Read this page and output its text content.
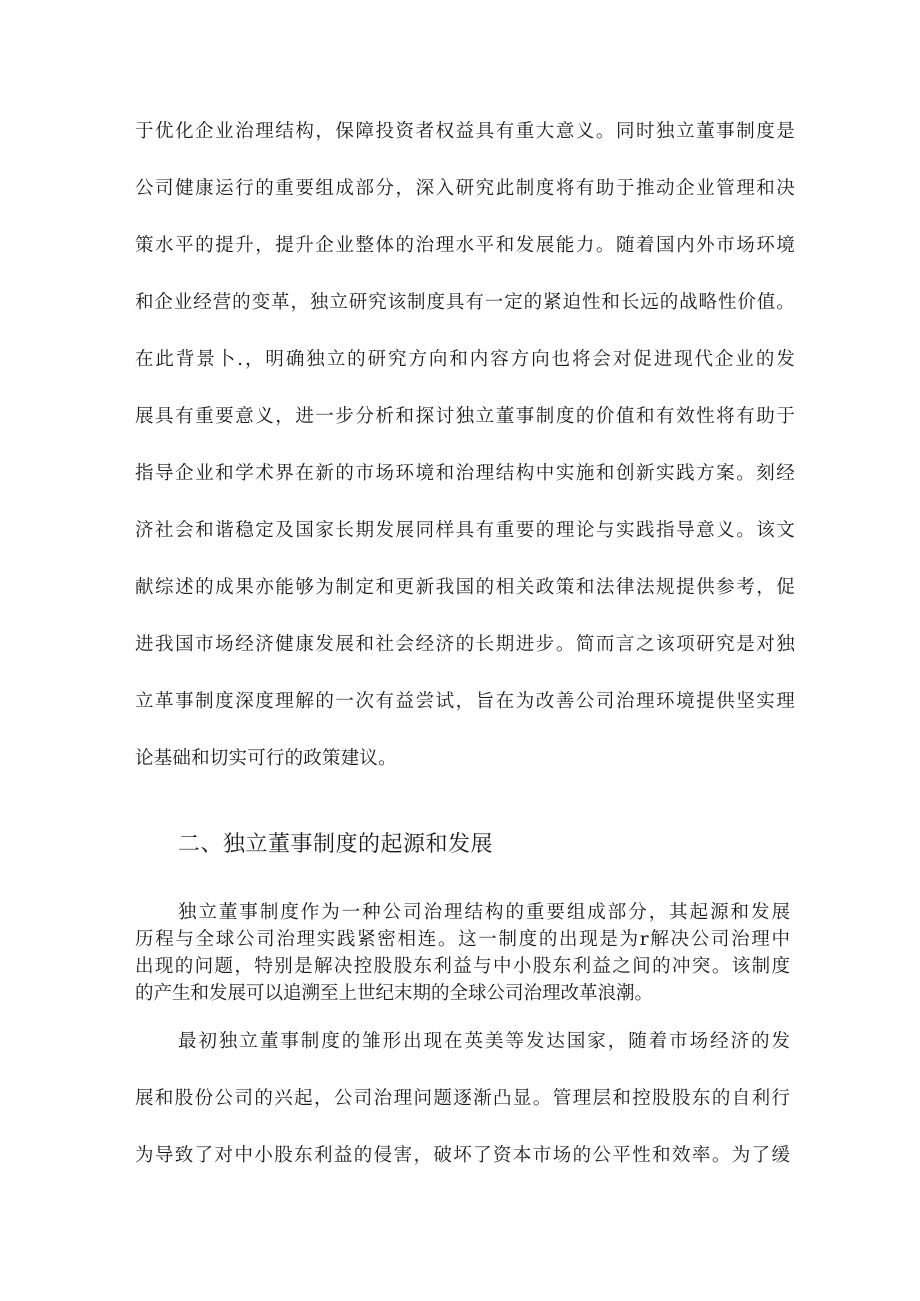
于优化企业治理结构，保障投资者权益具有重大意义。同时独立董事制度是
公司健康运行的重要组成部分，深入研究此制度将有助于推动企业管理和决
策水平的提升，提升企业整体的治理水平和发展能力。随着国内外市场环境
和企业经营的变革，独立研究该制度具有一定的紧迫性和长远的战略性价值。
在此背景卜.，明确独立的研究方向和内容方向也将会对促进现代企业的发
展具有重要意义，进一步分析和探讨独立董事制度的价值和有效性将有助于
指导企业和学术界在新的市场环境和治理结构中实施和创新实践方案。刻经
济社会和谐稳定及国家长期发展同样具有重要的理论与实践指导意义。该文
献综述的成果亦能够为制定和更新我国的相关政策和法律法规提供参考，促
进我国市场经济健康发展和社会经济的长期进步。简而言之该项研究是对独
立革事制度深度理解的一次有益尝试，旨在为改善公司治理环境提供坚实理
论基础和切实可行的政策建议。
二、独立董事制度的起源和发展
独立董事制度作为一种公司治理结构的重要组成部分，其起源和发展
历程与全球公司治理实践紧密相连。这一制度的出现是为r解决公司治理中
出现的问题，特别是解决控股股东利益与中小股东利益之间的冲突。该制度
的产生和发展可以追溯至上世纪末期的全球公司治理改革浪潮。
最初独立董事制度的雏形出现在英美等发达国家，随着市场经济的发
展和股份公司的兴起，公司治理问题逐渐凸显。管理层和控股股东的自利行
为导致了对中小股东利益的侵害，破坏了资本市场的公平性和效率。为了缓
